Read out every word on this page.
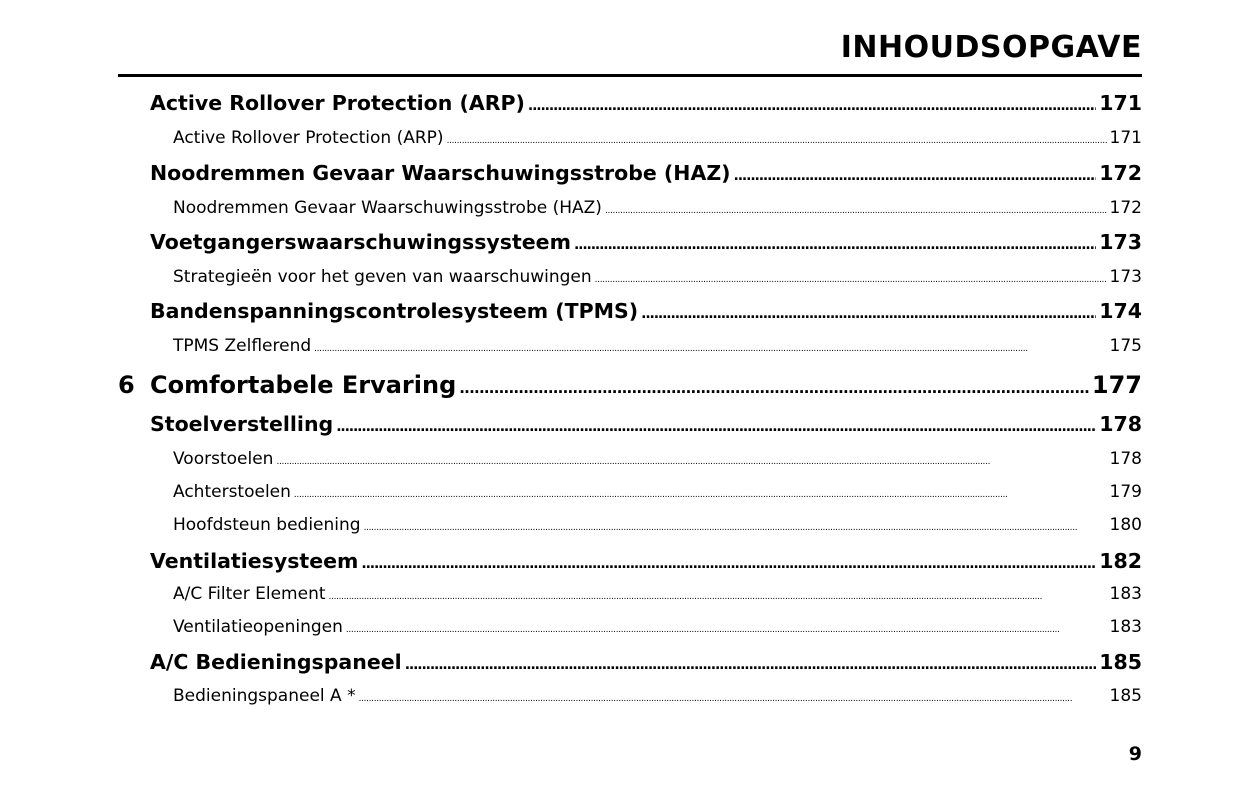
INHOUDSOPGAVE
Active Rollover Protection (ARP) . . .	171
Active Rollover Protection (ARP) . . .	171
Noodremmen Gevaar Waarschuwingsstrobe (HAZ) . . .	172
Noodremmen Gevaar Waarschuwingsstrobe (HAZ) . . .	172
Voetgangerswaarschuwingssysteem . . .	173
Strategieën voor het geven van waarschuwingen . . .	173
Bandenspanningscontrolesysteem (TPMS) . . .	174
TPMS Zelflerend . . .	175
6 Comfortabele Ervaring . . .	177
Stoelverstelling . . .	178
Voorstoelen . . .	178
Achterstoelen . . .	179
Hoofdsteun bediening . . .	180
Ventilatiesysteem . . .	182
A/C Filter Element . . .	183
Ventilatieopeningen . . .	183
A/C Bedieningspaneel . . .	185
Bedieningspaneel A * . . .	185
9
